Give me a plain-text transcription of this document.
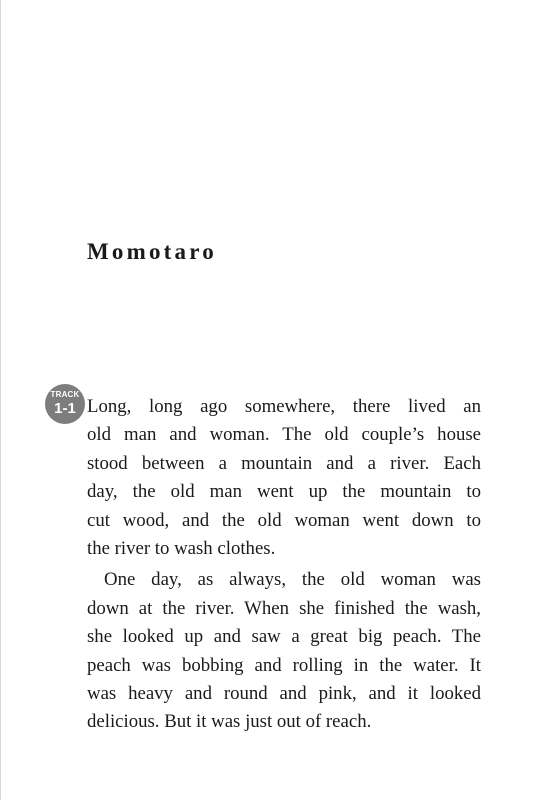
Momotaro
TRACK
1-1 Long, long ago somewhere, there lived an
old man and woman. The old couple’s house
stood between a mountain and a river. Each
day, the old man went up the mountain to
cut wood, and the old woman went down to
the river to wash clothes.
One day, as always, the old woman was
down at the river. When she finished the wash,
she looked up and saw a great big peach. The
peach was bobbing and rolling in the water. It
was heavy and round and pink, and it looked
delicious. But it was just out of reach.
